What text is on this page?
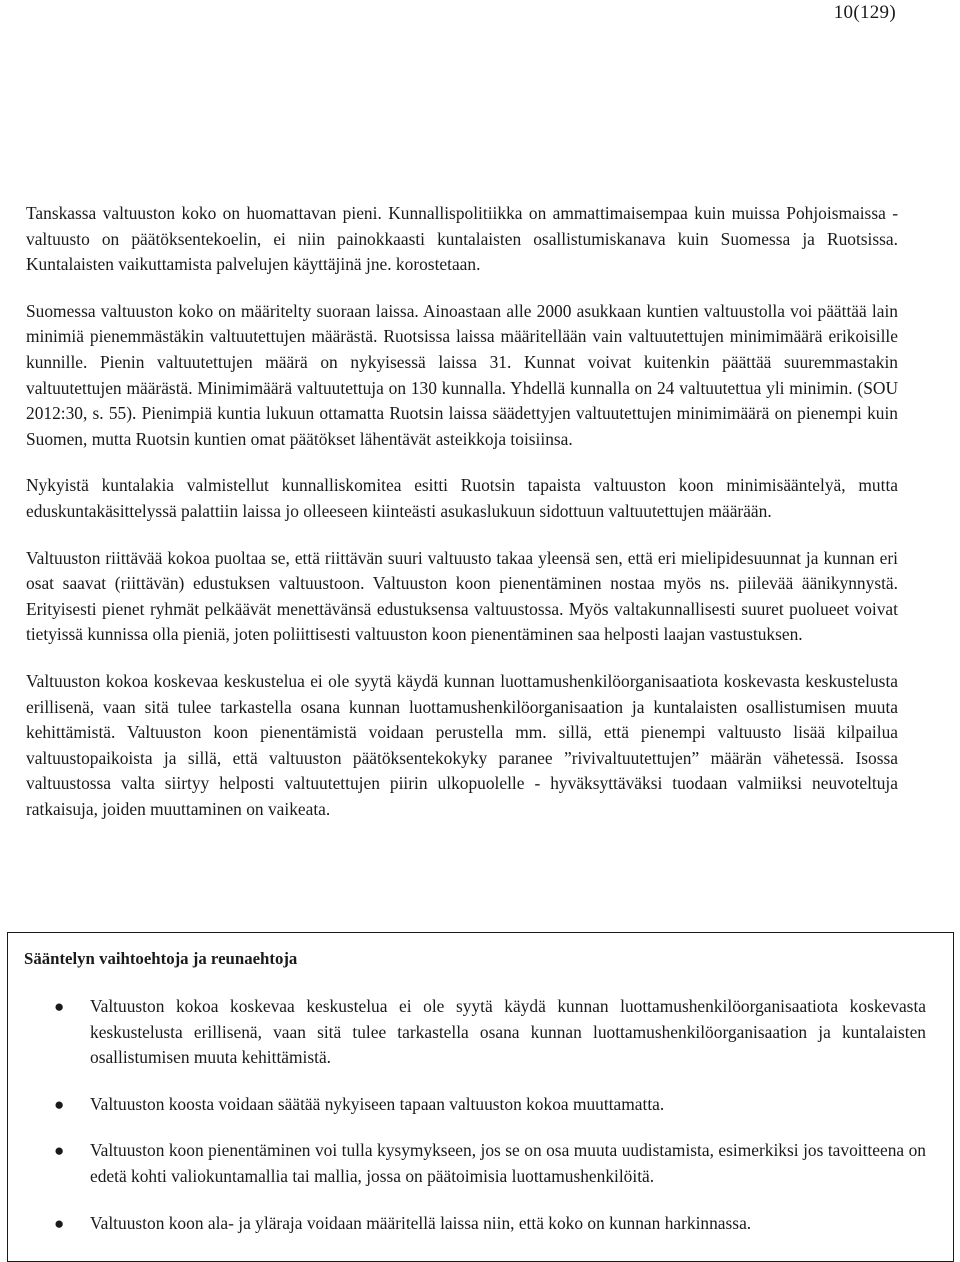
10(129)

Tanskassa valtuuston koko on huomattavan pieni. Kunnallispolitiikka on ammattimaisempaa kuin muissa Pohjoismaissa - valtuusto on päätöksentekoelin, ei niin painokkaasti kuntalaisten osallistumiskanava kuin Suomessa ja Ruotsissa. Kuntalaisten vaikuttamista palvelujen käyttäjinä jne. korostetaan.

Suomessa valtuuston koko on määritelty suoraan laissa. Ainoastaan alle 2000 asukkaan kuntien valtuustolla voi päättää lain minimiä pienemmästäkin valtuutettujen määrästä. Ruotsissa laissa määritellään vain valtuutettujen minimimäärä erikoisille kunnille. Pienin valtuutettujen määrä on nykyisessä laissa 31. Kunnat voivat kuitenkin päättää suuremmastakin valtuutettujen määrästä. Minimimäärä valtuutettuja on 130 kunnalla. Yhdellä kunnalla on 24 valtuutettua yli minimin. (SOU 2012:30, s. 55). Pienimpiä kuntia lukuun ottamatta Ruotsin laissa säädettyjen valtuutettujen minimimäärä on pienempi kuin Suomen, mutta Ruotsin kuntien omat päätökset lähentävät asteikkoja toisiinsa.

Nykyistä kuntalakia valmistellut kunnalliskomitea esitti Ruotsin tapaista valtuuston koon minimisääntelyä, mutta eduskuntakäsittelyssä palattiin laissa jo olleeseen kiinteästi asukaslukuun sidottuun valtuutettujen määrään.

Valtuuston riittävää kokoa puoltaa se, että riittävän suuri valtuusto takaa yleensä sen, että eri mielipidesuunnat ja kunnan eri osat saavat (riittävän) edustuksen valtuustoon. Valtuuston koon pienentäminen nostaa myös ns. piilevää äänikynnystä. Erityisesti pienet ryhmät pelkäävät menettävänsä edustuksensa valtuustossa. Myös valtakunnallisesti suuret puolueet voivat tietyissä kunnissa olla pieniä, joten poliittisesti valtuuston koon pienentäminen saa helposti laajan vastustuksen.

Valtuuston kokoa koskevaa keskustelua ei ole syytä käydä kunnan luottamushenkilöorganisaatiota koskevasta keskustelusta erillisenä, vaan sitä tulee tarkastella osana kunnan luottamushenkilöorganisaation ja kuntalaisten osallistumisen muuta kehittämistä. Valtuuston koon pienentämistä voidaan perustella mm. sillä, että pienempi valtuusto lisää kilpailua valtuustopaikoista ja sillä, että valtuuston päätöksentekokyky paranee ”rivivaltuutettujen” määrän vähetessä. Isossa valtuustossa valta siirtyy helposti valtuutettujen piirin ulkopuolelle - hyväksyttäväksi tuodaan valmiiksi neuvoteltuja ratkaisuja, joiden muuttaminen on vaikeata.

Sääntelyn vaihtoehtoja ja reunaehtoja
● Valtuuston kokoa koskevaa keskustelua ei ole syytä käydä kunnan luottamushenkilöorganisaatiota koskevasta keskustelusta erillisenä, vaan sitä tulee tarkastella osana kunnan luottamushenkilöorganisaation ja kuntalaisten osallistumisen muuta kehittämistä.
● Valtuuston koosta voidaan säätää nykyiseen tapaan valtuuston kokoa muuttamatta.
● Valtuuston koon pienentäminen voi tulla kysymykseen, jos se on osa muuta uudistamista, esimerkiksi jos tavoitteena on edetä kohti valiokuntamallia tai mallia, jossa on päätoimisia luottamushenkilöitä.
● Valtuuston koon ala- ja yläraja voidaan määritellä laissa niin, että koko on kunnan harkinnassa.
